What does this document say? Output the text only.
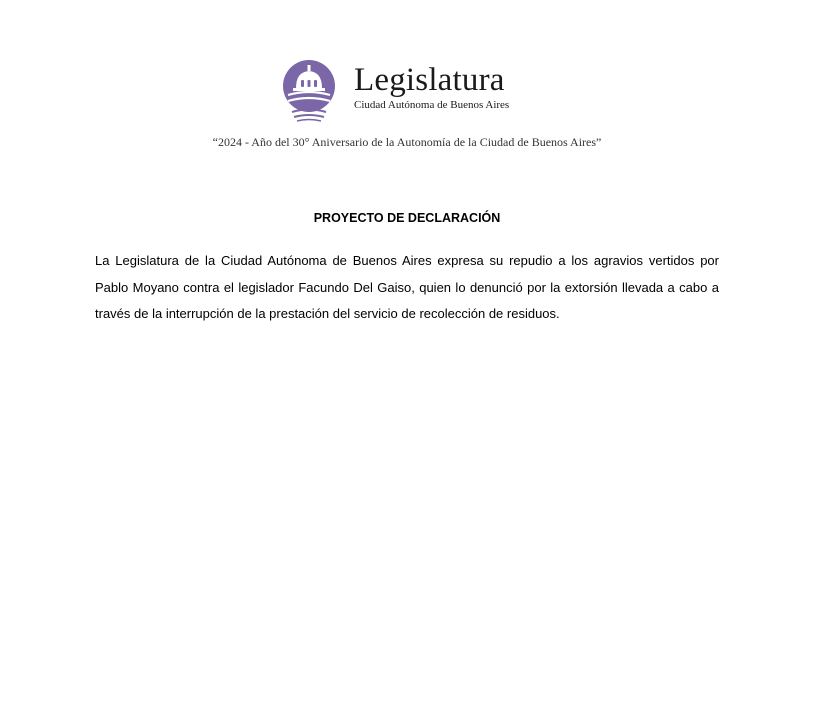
Legislatura
Ciudad Autónoma de Buenos Aires
“2024 - Año del 30° Aniversario de la Autonomía de la Ciudad de Buenos Aires”
PROYECTO DE DECLARACIÓN
La Legislatura de la Ciudad Autónoma de Buenos Aires expresa su repudio a los agravios vertidos por Pablo Moyano contra el legislador Facundo Del Gaiso, quien lo denunció por la extorsión llevada a cabo a través de la interrupción de la prestación del servicio de recolección de residuos.
